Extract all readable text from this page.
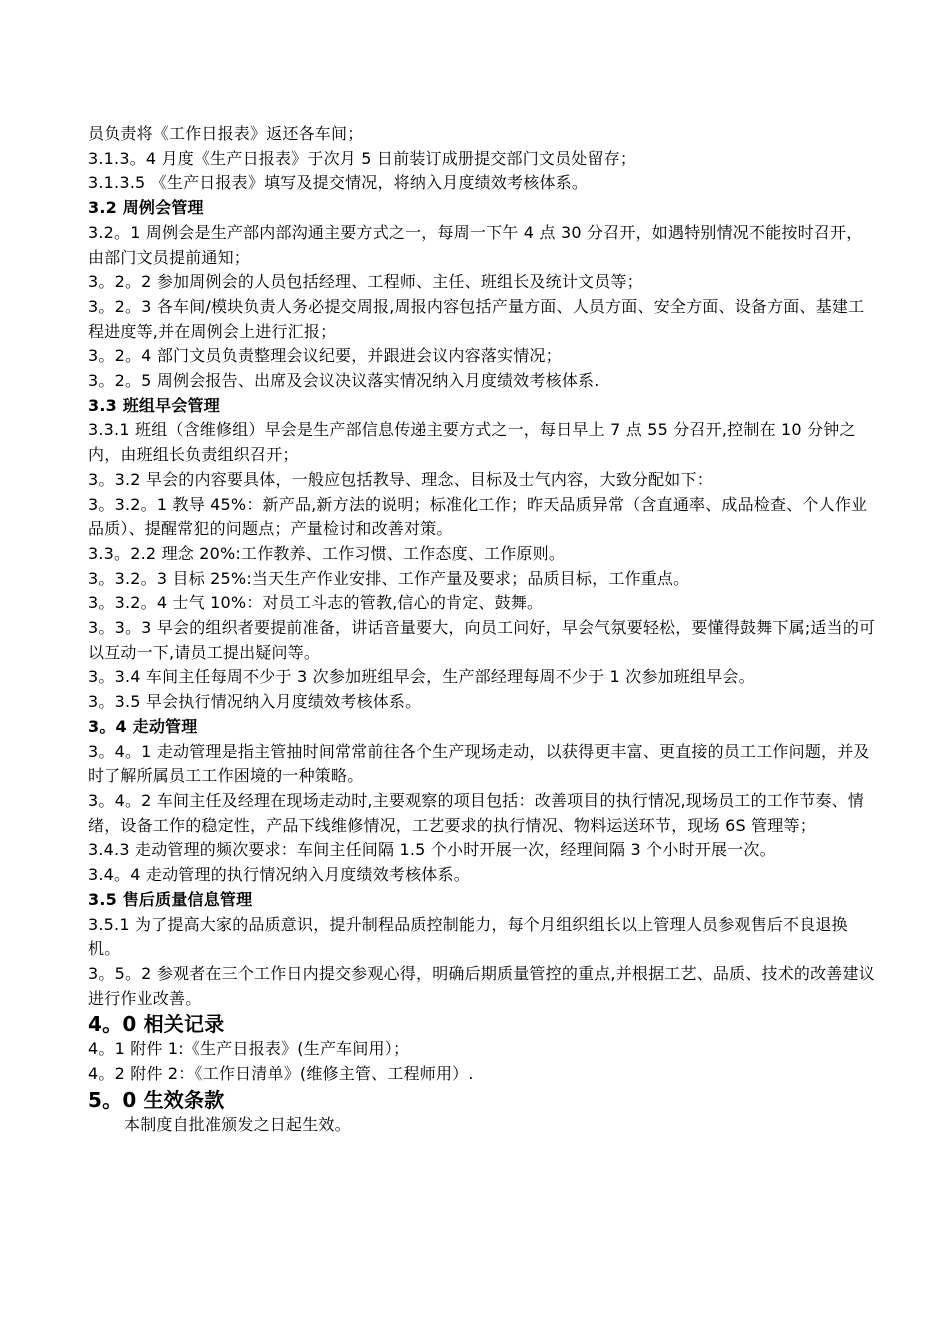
员负责将《工作日报表》返还各车间；

3.1.3。4 月度《生产日报表》于次月 5 日前装订成册提交部门文员处留存；

3.1.3.5 《生产日报表》填写及提交情况，将纳入月度绩效考核体系。

3.2 周例会管理

3.2。1 周例会是生产部内部沟通主要方式之一，每周一下午 4 点 30 分召开，如遇特别情况不能按时召开，由部门文员提前通知；

3。2。2 参加周例会的人员包括经理、工程师、主任、班组长及统计文员等；

3。2。3 各车间/模块负责人务必提交周报,周报内容包括产量方面、人员方面、安全方面、设备方面、基建工程进度等,并在周例会上进行汇报；

3。2。4 部门文员负责整理会议纪要，并跟进会议内容落实情况；

3。2。5 周例会报告、出席及会议决议落实情况纳入月度绩效考核体系.

3.3 班组早会管理

3.3.1 班组（含维修组）早会是生产部信息传递主要方式之一，每日早上 7 点 55 分召开,控制在 10 分钟之内，由班组长负责组织召开；

3。3.2 早会的内容要具体，一般应包括教导、理念、目标及士气内容，大致分配如下：

3。3.2。1 教导 45%：新产品,新方法的说明；标准化工作；昨天品质异常（含直通率、成品检查、个人作业品质）、提醒常犯的问题点；产量检讨和改善对策。

3.3。2.2 理念 20%:工作教养、工作习惯、工作态度、工作原则。

3。3.2。3 目标 25%:当天生产作业安排、工作产量及要求；品质目标，工作重点。

3。3.2。4 士气 10%：对员工斗志的管教,信心的肯定、鼓舞。

3。3。3 早会的组织者要提前准备，讲话音量要大，向员工问好，早会气氛要轻松，要懂得鼓舞下属;适当的可以互动一下,请员工提出疑问等。

3。3.4 车间主任每周不少于 3 次参加班组早会，生产部经理每周不少于 1 次参加班组早会。

3。3.5 早会执行情况纳入月度绩效考核体系。

3。4 走动管理

3。4。1 走动管理是指主管抽时间常常前往各个生产现场走动，以获得更丰富、更直接的员工工作问题，并及时了解所属员工工作困境的一种策略。

3。4。2 车间主任及经理在现场走动时,主要观察的项目包括：改善项目的执行情况,现场员工的工作节奏、情绪，设备工作的稳定性，产品下线维修情况，工艺要求的执行情况、物料运送环节，现场 6S 管理等；

3.4.3 走动管理的频次要求：车间主任间隔 1.5 个小时开展一次，经理间隔 3 个小时开展一次。

3.4。4 走动管理的执行情况纳入月度绩效考核体系。

3.5 售后质量信息管理

3.5.1 为了提高大家的品质意识，提升制程品质控制能力，每个月组织组长以上管理人员参观售后不良退换机。

3。5。2 参观者在三个工作日内提交参观心得，明确后期质量管控的重点,并根据工艺、品质、技术的改善建议进行作业改善。

4。0 相关记录

4。1 附件 1:《生产日报表》(生产车间用）；

4。2 附件 2：《工作日清单》(维修主管、工程师用）.

5。0 生效条款

本制度自批准颁发之日起生效。
